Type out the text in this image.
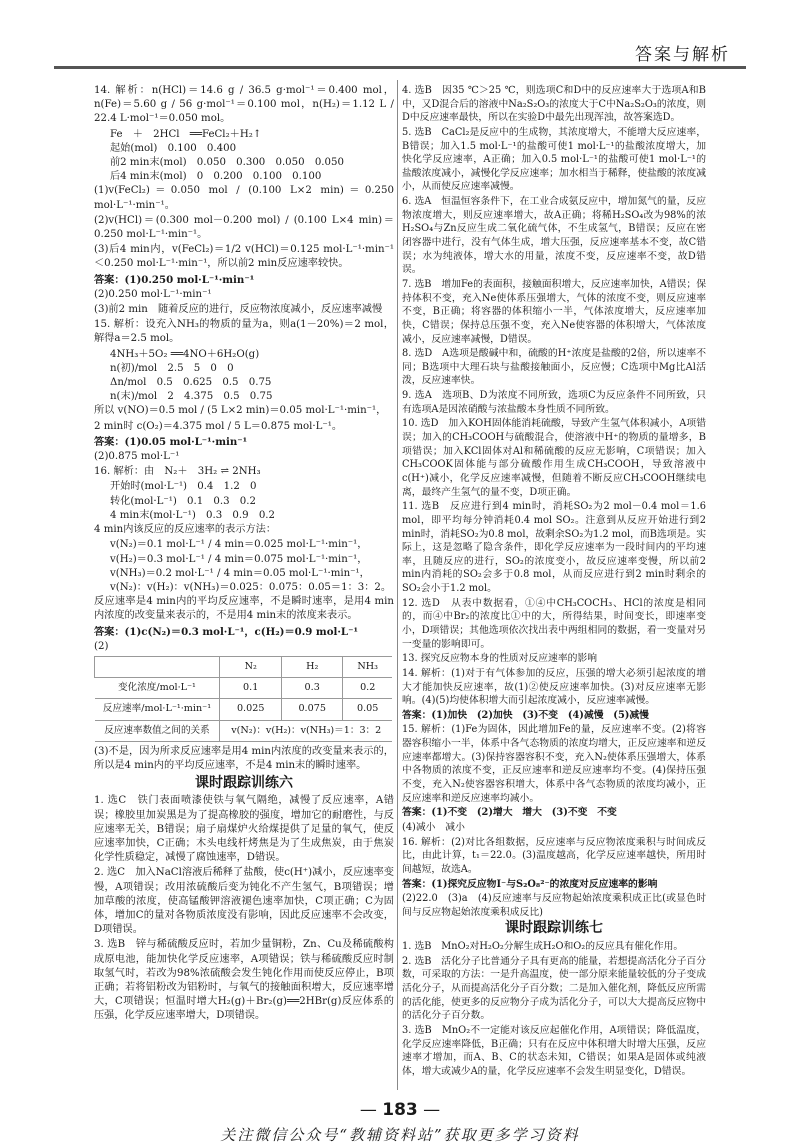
答案与解析

14. 解析：n(HCl)＝14.6 g / 36.5 g·mol⁻¹＝0.400 mol，n(Fe)＝5.60 g / 56 g·mol⁻¹＝0.100 mol，n(H₂)＝1.12 L / 22.4 L·mol⁻¹＝0.050 mol。

Fe　＋　2HCl　══FeCl₂＋H₂↑

起始(mol)　0.100　0.400

前2 min末(mol)　0.050　0.300　0.050　0.050

后4 min末(mol)　0　0.200　0.100　0.100

(1)v(FeCl₂)＝0.050 mol / (0.100 L×2 min)＝0.250 mol·L⁻¹·min⁻¹。

(2)v(HCl)＝(0.300 mol－0.200 mol) / (0.100 L×4 min)＝0.250 mol·L⁻¹·min⁻¹。

(3)后4 min内，v(FeCl₂)＝1/2 v(HCl)＝0.125 mol·L⁻¹·min⁻¹＜0.250 mol·L⁻¹·min⁻¹，所以前2 min反应速率较快。

答案：(1)0.250 mol·L⁻¹·min⁻¹

(2)0.250 mol·L⁻¹·min⁻¹

(3)前2 min　随着反应的进行，反应物浓度减小，反应速率减慢

15. 解析：设充入NH₃的物质的量为a，则a(1－20%)＝2 mol，解得a＝2.5 mol。

4NH₃＋5O₂ ══4NO＋6H₂O(g)

n(初)/mol　2.5　5　0　0

Δn/mol　0.5　0.625　0.5　0.75

n(末)/mol　2　4.375　0.5　0.75

所以 v(NO)＝0.5 mol / (5 L×2 min)＝0.05 mol·L⁻¹·min⁻¹，

2 min时 c(O₂)＝4.375 mol / 5 L＝0.875 mol·L⁻¹。

答案：(1)0.05 mol·L⁻¹·min⁻¹

(2)0.875 mol·L⁻¹

16. 解析：由　N₂＋　3H₂ ⇌ 2NH₃

开始时(mol·L⁻¹)　0.4　1.2　0

转化(mol·L⁻¹)　0.1　0.3　0.2

4 min末(mol·L⁻¹)　0.3　0.9　0.2

4 min内该反应的反应速率的表示方法：

v(N₂)＝0.1 mol·L⁻¹ / 4 min＝0.025 mol·L⁻¹·min⁻¹，

v(H₂)＝0.3 mol·L⁻¹ / 4 min＝0.075 mol·L⁻¹·min⁻¹，

v(NH₃)＝0.2 mol·L⁻¹ / 4 min＝0.05 mol·L⁻¹·min⁻¹，

v(N₂)：v(H₂)：v(NH₃)＝0.025：0.075：0.05＝1：3：2。

反应速率是4 min内的平均反应速率，不是瞬时速率，是用4 min内浓度的改变量来表示的，不是用4 min末的浓度来表示。

答案：(1)c(N₂)＝0.3 mol·L⁻¹，c(H₂)＝0.9 mol·L⁻¹

(2)

	N₂	H₂	NH₃
变化浓度/mol·L⁻¹	0.1	0.3	0.2
反应速率/mol·L⁻¹·min⁻¹	0.025	0.075	0.05
反应速率数值之间的关系	v(N₂)：v(H₂)：v(NH₃)＝1：3：2		

(3)不是，因为所求反应速率是用4 min内浓度的改变量来表示的，所以是4 min内的平均反应速率，不是4 min末的瞬时速率。

课时跟踪训练六

1. 选C　铁门表面喷漆使铁与氧气隔绝，减慢了反应速率，A错误；橡胶里加炭黑是为了提高橡胶的强度，增加它的耐磨性，与反应速率无关，B错误；扇子扇煤炉火给煤提供了足量的氧气，使反应速率加快，C正确；木头电线杆烤焦是为了生成焦炭，由于焦炭化学性质稳定，减慢了腐蚀速率，D错误。

2. 选C　加入NaCl溶液后稀释了盐酸，使c(H⁺)减小，反应速率变慢，A项错误；改用浓硫酸后变为钝化不产生氢气，B项错误；增加草酸的浓度，使高锰酸钾溶液褪色速率加快，C项正确；C为固体，增加C的量对各物质浓度没有影响，因此反应速率不会改变，D项错误。

3. 选B　锌与稀硫酸反应时，若加少量铜粉，Zn、Cu及稀硫酸构成原电池，能加快化学反应速率，A项错误；铁与稀硫酸反应时制取氢气时，若改为98%浓硫酸会发生钝化作用而使反应停止，B项正确；若将铝粉改为铝粉时，与氧气的接触面积增大，反应速率增大，C项错误；恒温时增大H₂(g)＋Br₂(g)══2HBr(g)反应体系的压强，化学反应速率增大，D项错误。

4. 选B　因35 ℃＞25 ℃，则选项C和D中的反应速率大于选项A和B中，又D混合后的溶液中Na₂S₂O₃的浓度大于C中Na₂S₂O₃的浓度，则D中反应速率最快，所以在实验D中最先出现浑浊，故答案选D。

5. 选B　CaCl₂是反应中的生成物，其浓度增大，不能增大反应速率，B错误；加入1.5 mol·L⁻¹的盐酸可使1 mol·L⁻¹的盐酸浓度增大，加快化学反应速率，A正确；加入0.5 mol·L⁻¹的盐酸可使1 mol·L⁻¹的盐酸浓度减小，减慢化学反应速率；加水相当于稀释，使盐酸的浓度减小，从而使反应速率减慢。

6. 选A　恒温恒容条件下，在工业合成氨反应中，增加氮气的量，反应物浓度增大，则反应速率增大，故A正确；将稀H₂SO₄改为98%的浓H₂SO₄与Zn反应生成二氧化硫气体，不生成氢气，B错误；反应在密闭容器中进行，没有气体生成，增大压强，反应速率基本不变，故C错误；水为纯液体，增大水的用量，浓度不变，反应速率不变，故D错误。

7. 选B　增加Fe的表面积，接触面积增大，反应速率加快，A错误；保持体积不变，充入Ne使体系压强增大，气体的浓度不变，则反应速率不变，B正确；将容器的体积缩小一半，气体浓度增大，反应速率加快，C错误；保持总压强不变，充入Ne使容器的体积增大，气体浓度减小，反应速率减慢，D错误。

8. 选D　A选项是酸碱中和，硫酸的H⁺浓度是盐酸的2倍，所以速率不同；B选项中大理石块与盐酸接触面小，反应慢；C选项中Mg比Al活泼，反应速率快。

9. 选A　选项B、D为浓度不同所致，选项C为反应条件不同所致，只有选项A是因浓硝酸与浓盐酸本身性质不同所致。

10. 选D　加入KOH固体能消耗硫酸，导致产生氢气体积减小，A项错误；加入的CH₃COOH与硫酸混合，使溶液中H⁺的物质的量增多，B项错误；加入KCl固体对Al和稀硫酸的反应无影响，C项错误；加入CH₃COOK固体能与部分硫酸作用生成CH₃COOH，导致溶液中c(H⁺)减小，化学反应速率减慢，但随着不断反应CH₃COOH继续电离，最终产生氢气的量不变，D项正确。

11. 选B　反应进行到4 min时，消耗SO₂为2 mol－0.4 mol＝1.6 mol，即平均每分钟消耗0.4 mol SO₂。注意到从反应开始进行到2 min时，消耗SO₂为0.8 mol，故剩余SO₂为1.2 mol，而B选项是。实际上，这是忽略了隐含条件，即化学反应速率为一段时间内的平均速率，且随反应的进行，SO₂的浓度变小，故反应速率变慢，所以前2 min内消耗的SO₂会多于0.8 mol，从而反应进行到2 min时剩余的SO₂会小于1.2 mol。

12. 选D　从表中数据看，①④中CH₃COCH₃、HCl的浓度是相同的，而④中Br₂的浓度比①中的大，所得结果，时间变长，即速率变小，D项错误；其他选项依次找出表中两组相同的数据，看一变量对另一变量的影响即可。

13. 探究反应物本身的性质对反应速率的影响

14. 解析：(1)对于有气体参加的反应，压强的增大必须引起浓度的增大才能加快反应速率，故(1)②使反应速率加快。(3)对反应速率无影响。(4)(5)均使体积增大而引起浓度减小，反应速率减慢。

答案：(1)加快　(2)加快　(3)不变　(4)减慢　(5)减慢

15. 解析：(1)Fe为固体，因此增加Fe的量，反应速率不变。(2)将容器容积缩小一半，体系中各气态物质的浓度均增大，正反应速率和逆反应速率都增大。(3)保持容器容积不变，充入N₂使体系压强增大，体系中各物质的浓度不变，正反应速率和逆反应速率均不变。(4)保持压强不变，充入N₂使容器容积增大，体系中各气态物质的浓度均减小，正反应速率和逆反应速率均减小。

答案：(1)不变　(2)增大　增大　(3)不变　不变

(4)减小　减小

16. 解析：(2)对比各组数据，反应速率与反应物浓度乘积与时间成反比，由此计算，t₁＝22.0。(3)温度越高，化学反应速率越快，所用时间越短，故选A。

答案：(1)探究反应物I⁻与S₂O₈²⁻的浓度对反应速率的影响

(2)22.0　(3)a　(4)反应速率与反应物起始浓度乘积成正比(或显色时间与反应物起始浓度乘积成反比)

课时跟踪训练七

1. 选B　MnO₂对H₂O₂分解生成H₂O和O₂的反应具有催化作用。

2. 选B　活化分子比普通分子具有更高的能量，若想提高活化分子百分数，可采取的方法：一是升高温度，使一部分原来能量较低的分子变成活化分子，从而提高活化分子百分数；二是加入催化剂，降低反应所需的活化能，使更多的反应物分子成为活化分子，可以大大提高反应物中的活化分子百分数。

3. 选B　MnO₂不一定能对该反应起催化作用，A项错误；降低温度，化学反应速率降低，B正确；只有在反应中体积增大时增大压强，反应速率才增加，而A、B、C的状态未知，C错误；如果A是固体或纯液体，增大或减少A的量，化学反应速率不会发生明显变化，D错误。

— 183 —
关注微信公众号“教辅资料站”获取更多学习资料
